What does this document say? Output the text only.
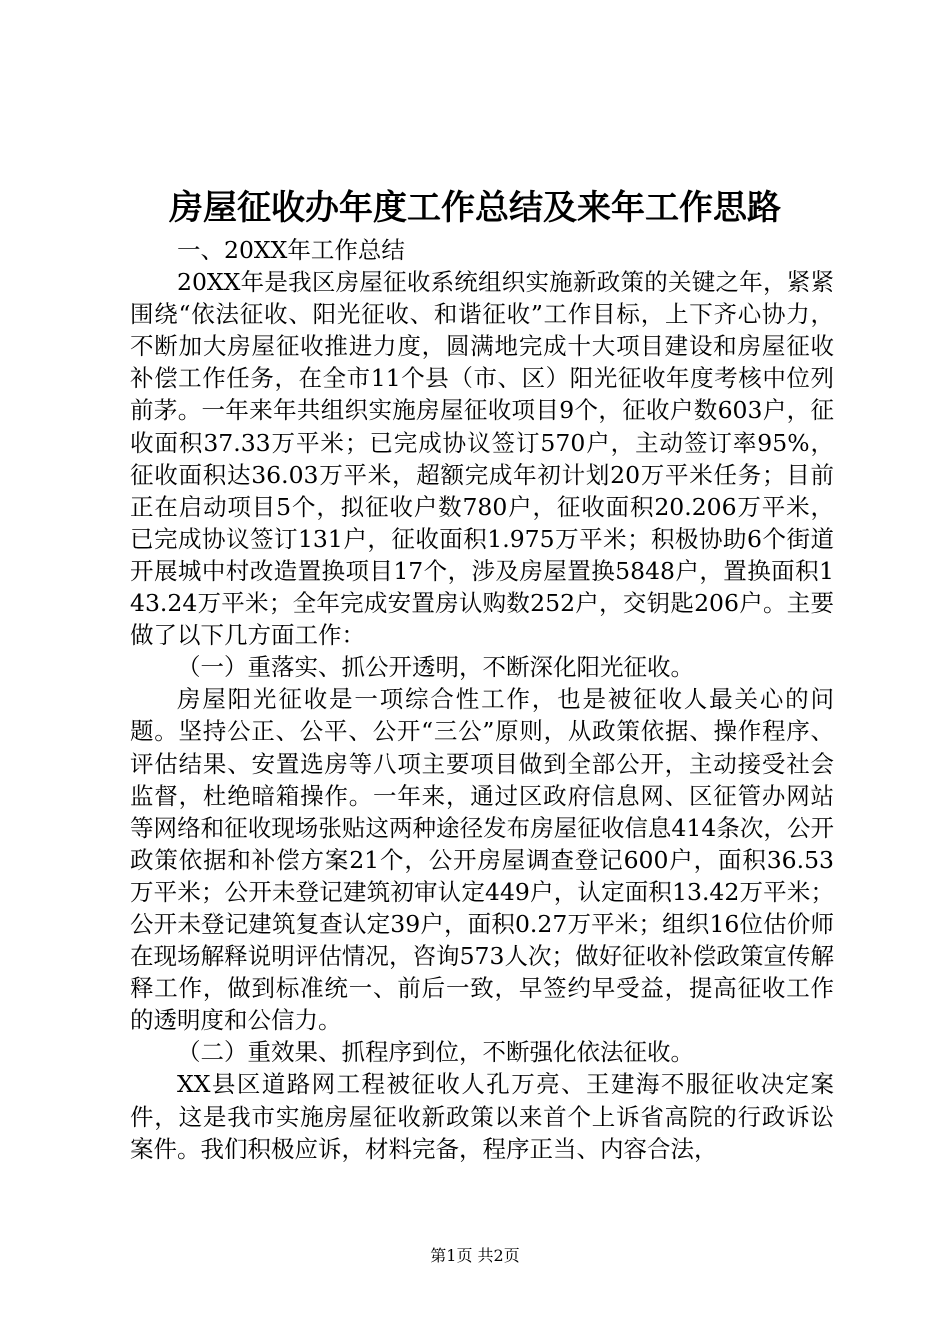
房屋征收办年度工作总结及来年工作思路

一、20XX年工作总结

20XX年是我区房屋征收系统组织实施新政策的关键之年，紧紧围绕“依法征收、阳光征收、和谐征收”工作目标，上下齐心协力，不断加大房屋征收推进力度，圆满地完成十大项目建设和房屋征收补偿工作任务，在全市11个县（市、区）阳光征收年度考核中位列前茅。一年来年共组织实施房屋征收项目9个，征收户数603户，征收面积37.33万平米；已完成协议签订570户，主动签订率95%，征收面积达36.03万平米，超额完成年初计划20万平米任务；目前正在启动项目5个，拟征收户数780户，征收面积20.206万平米，已完成协议签订131户，征收面积1.975万平米；积极协助6个街道开展城中村改造置换项目17个，涉及房屋置换5848户，置换面积143.24万平米；全年完成安置房认购数252户，交钥匙206户。主要做了以下几方面工作：

（一）重落实、抓公开透明，不断深化阳光征收。

房屋阳光征收是一项综合性工作，也是被征收人最关心的问题。坚持公正、公平、公开“三公”原则，从政策依据、操作程序、评估结果、安置选房等八项主要项目做到全部公开，主动接受社会监督，杜绝暗箱操作。一年来，通过区政府信息网、区征管办网站等网络和征收现场张贴这两种途径发布房屋征收信息414条次，公开政策依据和补偿方案21个，公开房屋调查登记600户，面积36.53万平米；公开未登记建筑初审认定449户，认定面积13.42万平米；公开未登记建筑复查认定39户，面积0.27万平米；组织16位估价师在现场解释说明评估情况，咨询573人次；做好征收补偿政策宣传解释工作，做到标准统一、前后一致，早签约早受益，提高征收工作的透明度和公信力。

（二）重效果、抓程序到位，不断强化依法征收。

XX县区道路网工程被征收人孔万亮、王建海不服征收决定案件，这是我市实施房屋征收新政策以来首个上诉省高院的行政诉讼案件。我们积极应诉，材料完备，程序正当、内容合法，

第1页 共2页
